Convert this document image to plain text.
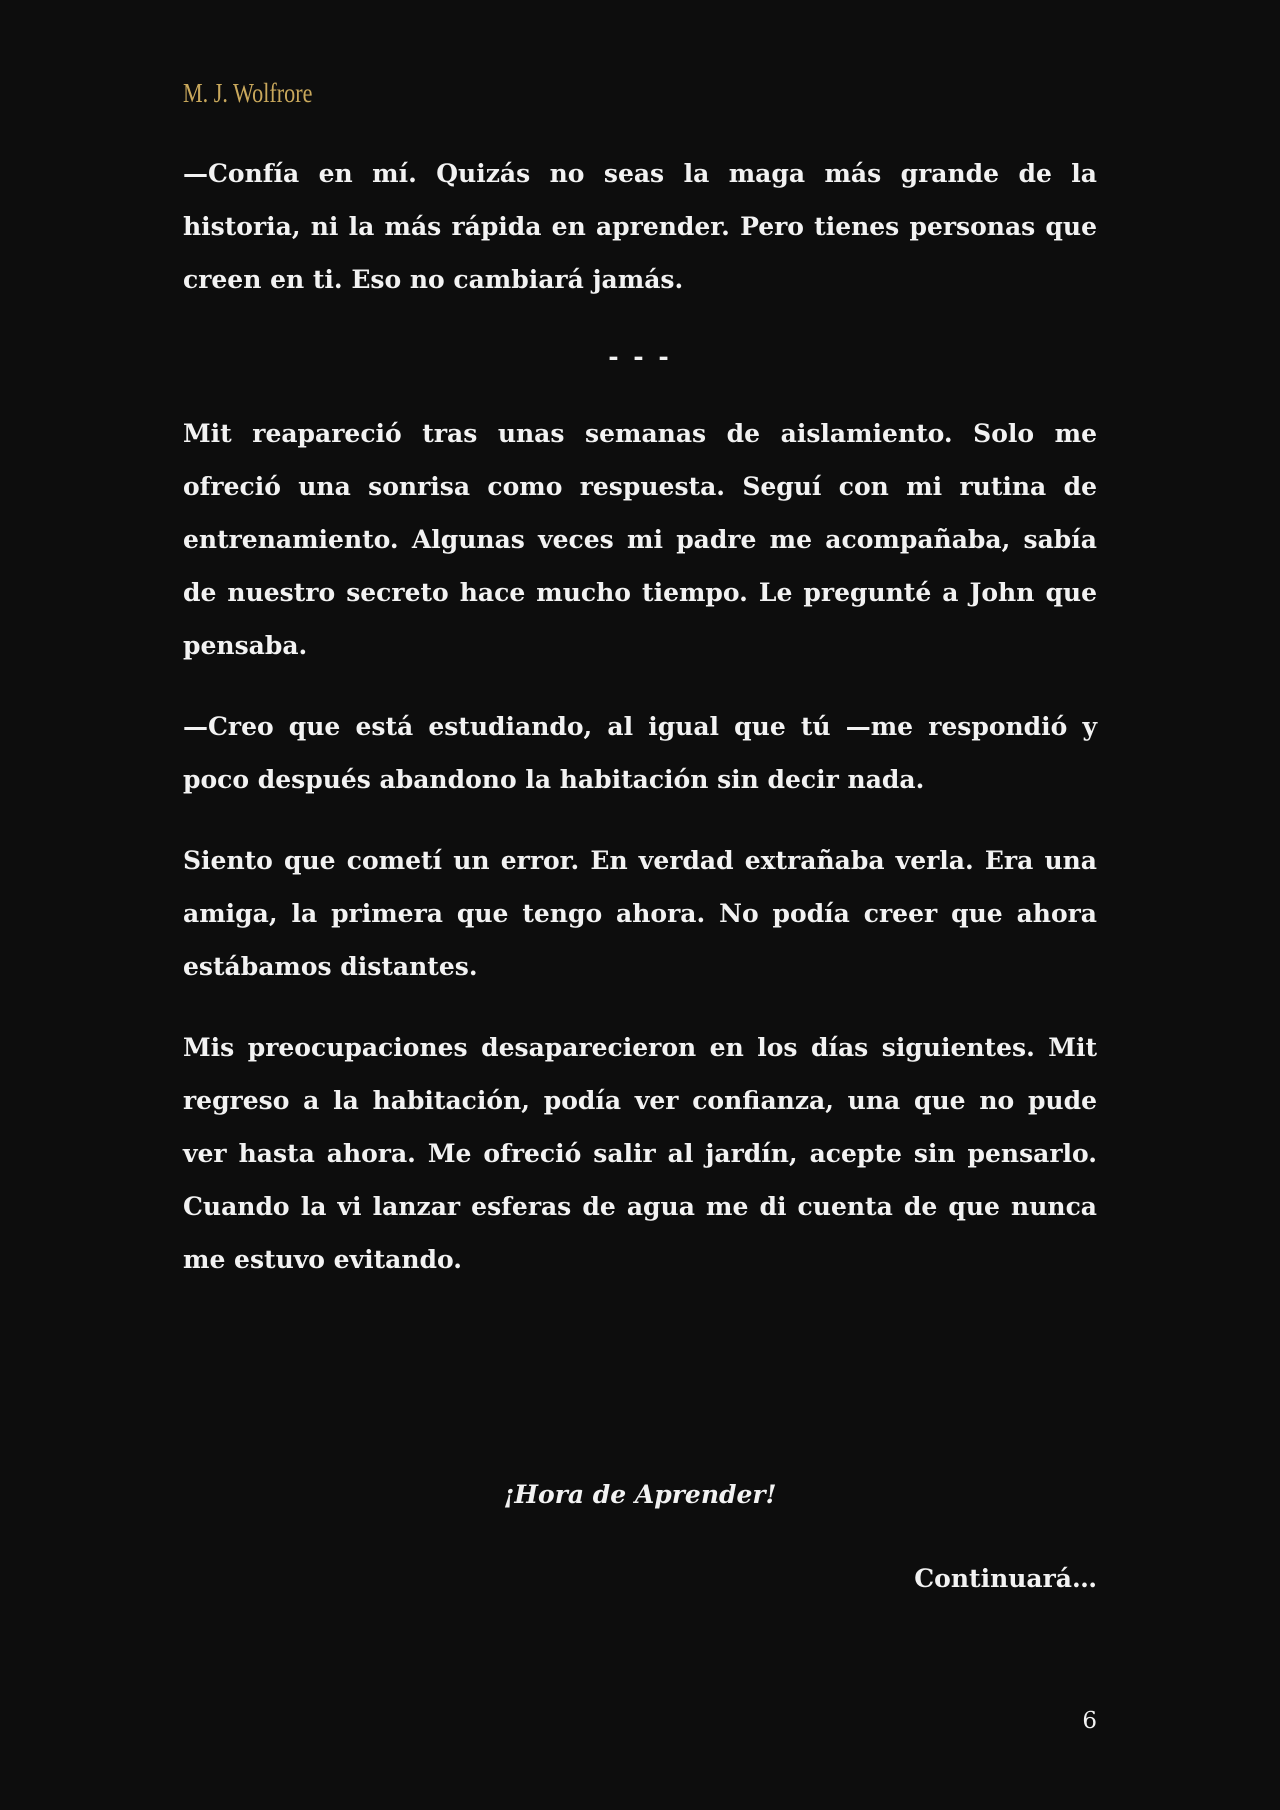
M. J. Wolfrore

—Confía en mí. Quizás no seas la maga más grande de la historia, ni la más rápida en aprender. Pero tienes personas que creen en ti. Eso no cambiará jamás.

- - -

Mit reapareció tras unas semanas de aislamiento. Solo me ofreció una sonrisa como respuesta. Seguí con mi rutina de entrenamiento. Algunas veces mi padre me acompañaba, sabía de nuestro secreto hace mucho tiempo. Le pregunté a John que pensaba.

—Creo que está estudiando, al igual que tú —me respondió y poco después abandono la habitación sin decir nada.

Siento que cometí un error. En verdad extrañaba verla. Era una amiga, la primera que tengo ahora. No podía creer que ahora estábamos distantes.

Mis preocupaciones desaparecieron en los días siguientes. Mit regreso a la habitación, podía ver confianza, una que no pude ver hasta ahora. Me ofreció salir al jardín, acepte sin pensarlo. Cuando la vi lanzar esferas de agua me di cuenta de que nunca me estuvo evitando.

¡Hora de Aprender!
Continuará…
6
